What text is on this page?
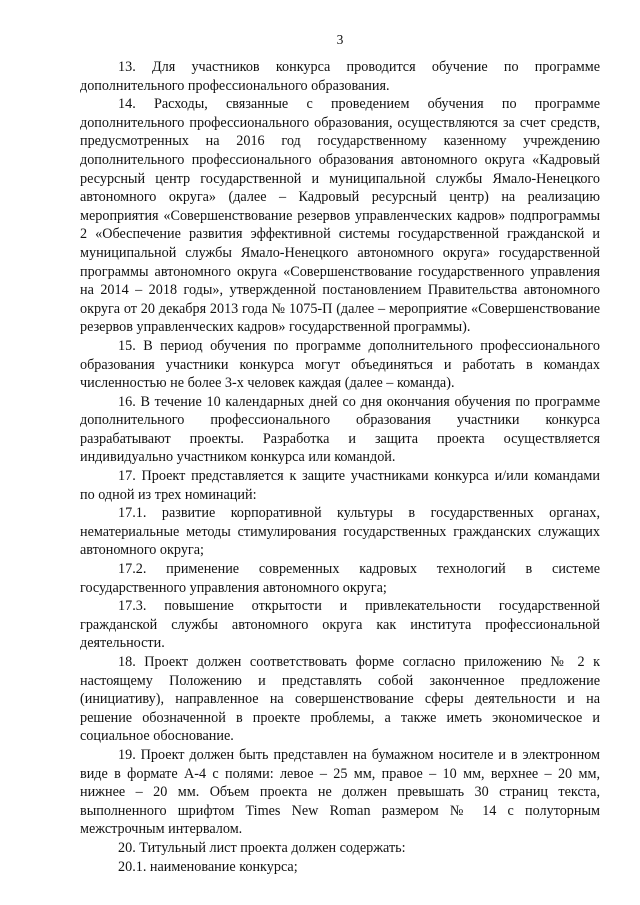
3

13. Для участников конкурса проводится обучение по программе дополнительного профессионального образования.

14. Расходы, связанные с проведением обучения по программе дополнительного профессионального образования, осуществляются за счет средств, предусмотренных на 2016 год государственному казенному учреждению дополнительного профессионального образования автономного округа «Кадровый ресурсный центр государственной и муниципальной службы Ямало-Ненецкого автономного округа» (далее – Кадровый ресурсный центр) на реализацию мероприятия «Совершенствование резервов управленческих кадров» подпрограммы 2 «Обеспечение развития эффективной системы государственной гражданской и муниципальной службы Ямало-Ненецкого автономного округа» государственной программы автономного округа «Совершенствование государственного управления на 2014 – 2018 годы», утвержденной постановлением Правительства автономного округа от 20 декабря 2013 года № 1075-П (далее – мероприятие «Совершенствование резервов управленческих кадров» государственной программы).

15. В период обучения по программе дополнительного профессионального образования участники конкурса могут объединяться и работать в командах численностью не более 3-х человек каждая (далее – команда).

16. В течение 10 календарных дней со дня окончания обучения по программе дополнительного профессионального образования участники конкурса разрабатывают проекты. Разработка и защита проекта осуществляется индивидуально участником конкурса или командой.

17. Проект представляется к защите участниками конкурса и/или командами по одной из трех номинаций:

17.1. развитие корпоративной культуры в государственных органах, нематериальные методы стимулирования государственных гражданских служащих автономного округа;

17.2. применение современных кадровых технологий в системе государственного управления автономного округа;

17.3. повышение открытости и привлекательности государственной гражданской службы автономного округа как института профессиональной деятельности.

18. Проект должен соответствовать форме согласно приложению № 2 к настоящему Положению и представлять собой законченное предложение (инициативу), направленное на совершенствование сферы деятельности и на решение обозначенной в проекте проблемы, а также иметь экономическое и социальное обоснование.

19. Проект должен быть представлен на бумажном носителе и в электронном виде в формате А-4 с полями: левое – 25 мм, правое – 10 мм, верхнее – 20 мм, нижнее – 20 мм. Объем проекта не должен превышать 30 страниц текста, выполненного шрифтом Times New Roman размером № 14 с полуторным межстрочным интервалом.

20. Титульный лист проекта должен содержать:

20.1. наименование конкурса;
